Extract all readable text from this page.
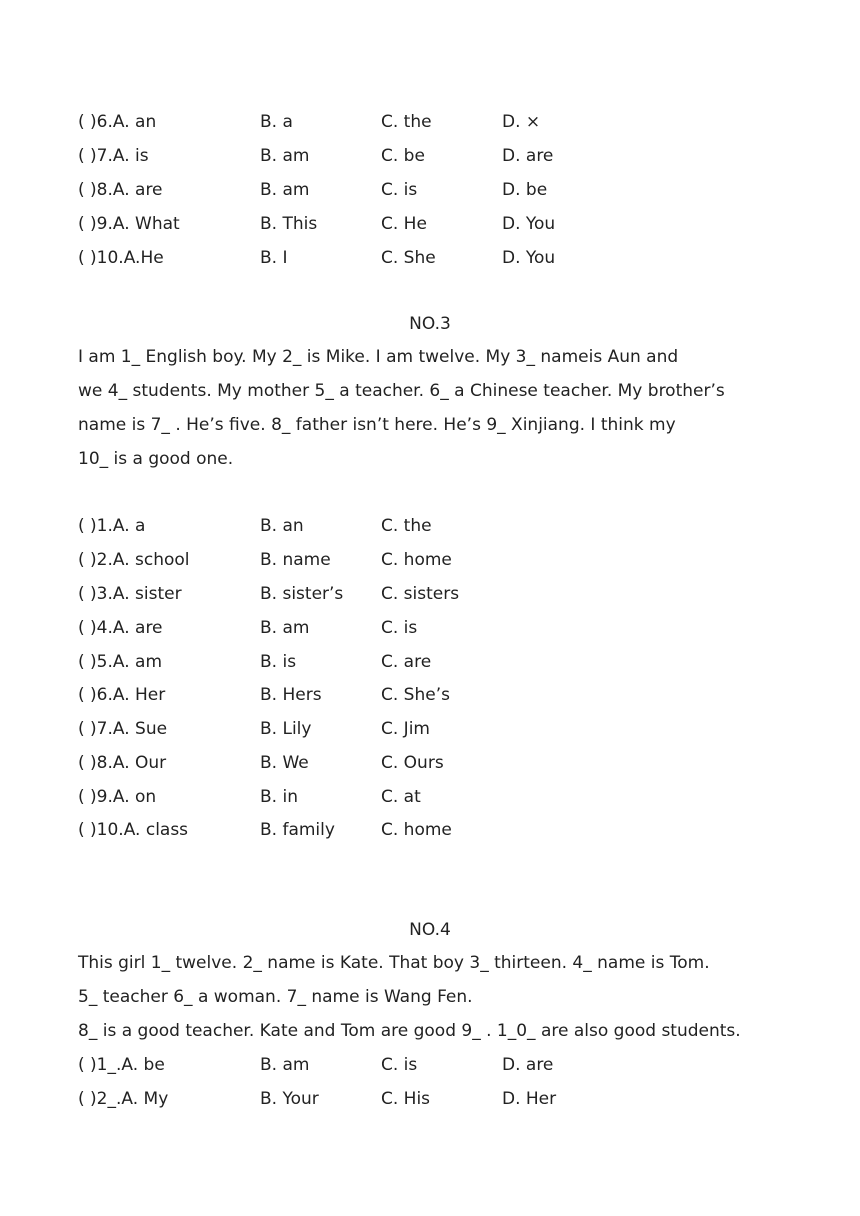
( )6.A. an	B. a	C. the	D. ×
( )7.A. is	B. am	C. be	D. are
( )8.A. are	B. am	C. is	D. be
( )9.A. What	B. This	C. He	D. You
( )10.A.He	B. I	C. She	D. You
NO.3
I am 1_ English boy. My 2_ is Mike. I am twelve. My 3_ nameis Aun and
we 4_ students. My mother 5_ a teacher. 6_ a Chinese teacher. My brother’s
name is 7_ . He’s five. 8_ father isn’t here. He’s 9_ Xinjiang. I think my
10_ is a good one.
( )1.A. a	B. an	C. the
( )2.A. school	B. name	C. home
( )3.A. sister	B. sister’s C. sisters
( )4.A. are	B. am	C. is
( )5.A. am	B. is	C. are
( )6.A. Her	B. Hers	C. She’s
( )7.A. Sue	B. Lily	C. Jim
( )8.A. Our	B. We	C. Ours
( )9.A. on	B. in	C. at
( )10.A. class	B. family	C. home
NO.4
This girl 1_ twelve. 2_ name is Kate. That boy 3_ thirteen. 4_ name is Tom.
5_ teacher 6_ a woman. 7_ name is Wang Fen.
8_ is a good teacher. Kate and Tom are good 9_ . 1_0_ are also good students.
( )1_.A. be	B. am	C. is	D. are
( )2_.A. My	B. Your	C. His	D. Her
